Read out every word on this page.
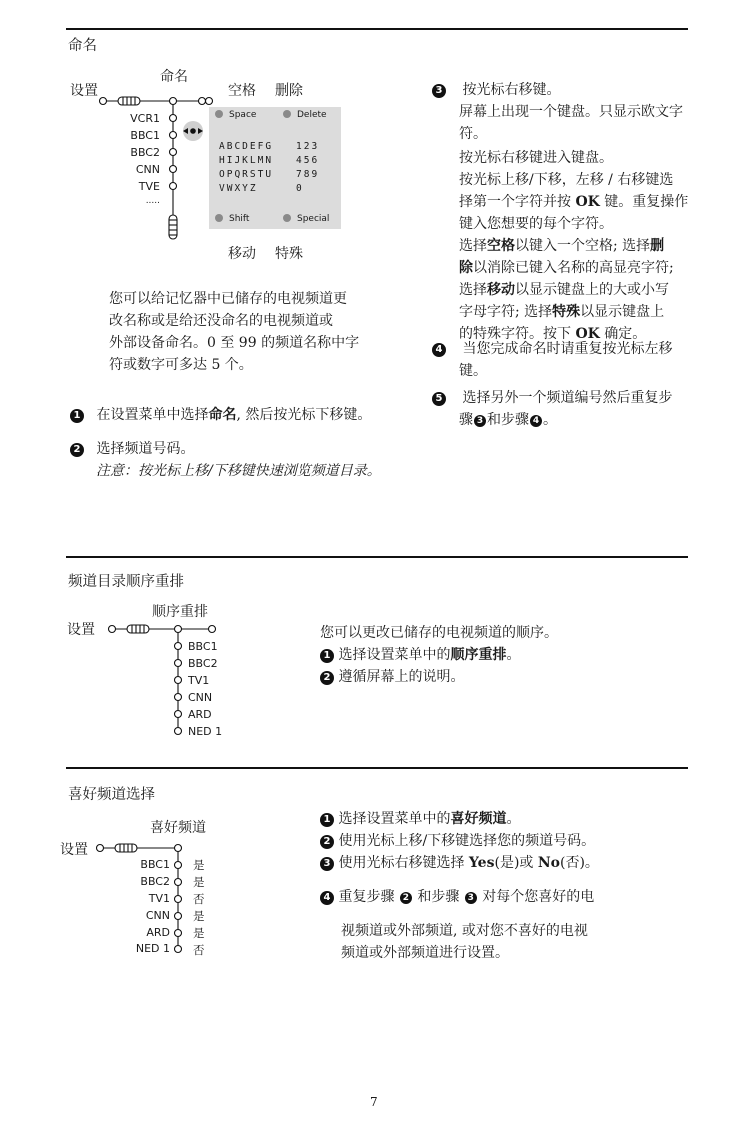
命名
设置
命名
空格 删除
VCR1
BBC1
BBC2
CNN
TVE
.....
Space	Delete
ABCDEFG
HIJKLMN
OPQRSTU
VWXYZ
123
456
789
0
Shift	Special
移动 特殊
您可以给记忆器中已储存的电视频道更
改名称或是给还没命名的电视频道或
外部设备命名。0 至 99 的频道名称中字
符或数字可多达 5 个。
1 在设置菜单中选择命名, 然后按光标下移键。
2 选择频道号码。
注意：按光标上移/下移键快速浏览频道目录。
3 按光标右移键。
屏幕上出现一个键盘。只显示欧文字
符。
按光标右移键进入键盘。
按光标上移/下移，左移 / 右移键选
择第一个字符并按 OK 键。重复操作
键入您想要的每个字符。
选择空格以键入一个空格; 选择删
除以消除已键入名称的高显亮字符;
选择移动以显示键盘上的大或小写
字母字符; 选择特殊以显示键盘上
的特殊字符。按下 OK 确定。
4 当您完成命名时请重复按光标左移
键。
5 选择另外一个频道编号然后重复步
骤 3 和步骤 4 。
频道目录顺序重排
设置
顺序重排
BBC1
BBC2
TV1
CNN
ARD
NED 1
您可以更改已储存的电视频道的顺序。
1 选择设置菜单中的顺序重排。
2 遵循屏幕上的说明。
喜好频道选择
设置
喜好频道
BBC1
BBC2
TV1
CNN
ARD
NED 1
是
是
否
是
是
否
1 选择设置菜单中的喜好频道。
2 使用光标上移/下移键选择您的频道号码。
3 使用光标右移键选择 Yes(是)或 No(否)。
4 重复步骤 2 和步骤 3 对每个您喜好的电
视频道或外部频道, 或对您不喜好的电视
频道或外部频道进行设置。
7
